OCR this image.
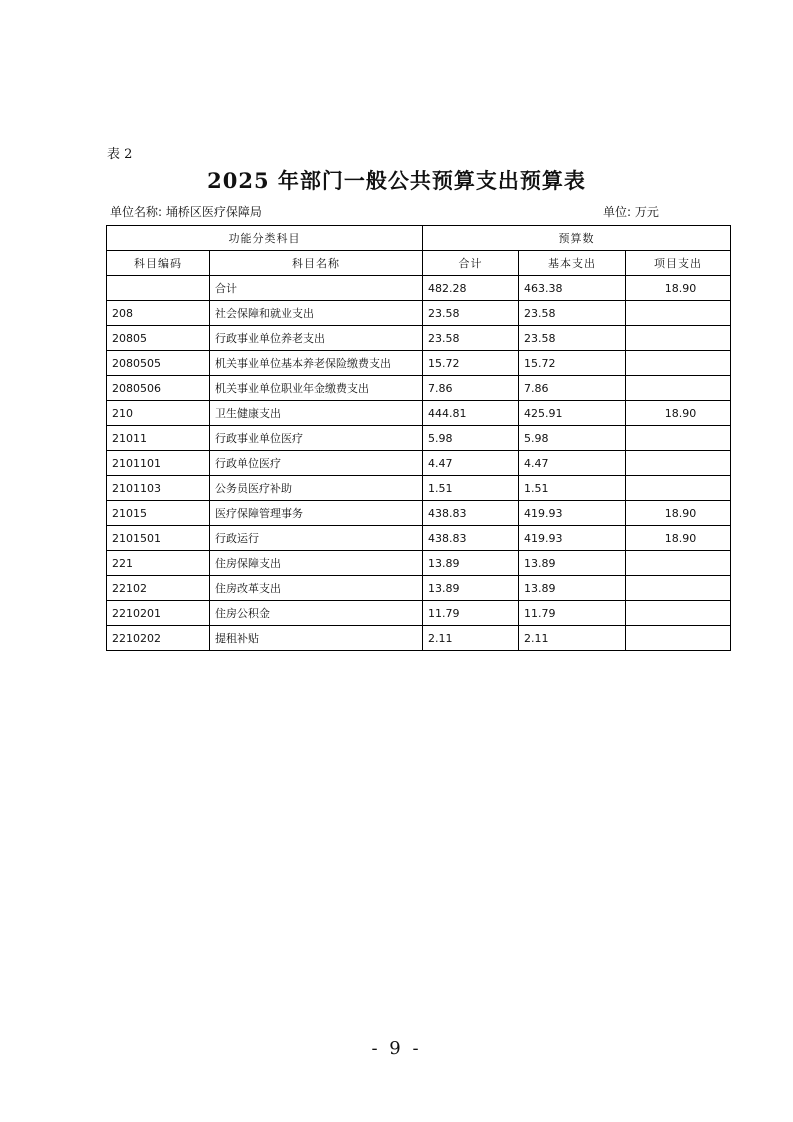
表 2
2025 年部门一般公共预算支出预算表
单位名称: 埇桥区医疗保障局	单位: 万元
功能分类科目		预算数		
科目编码	科目名称	合计	基本支出	项目支出
	合计	482.28	463.38	18.90
208	社会保障和就业支出	23.58	23.58	
20805	行政事业单位养老支出	23.58	23.58	
2080505	机关事业单位基本养老保险缴费支出	15.72	15.72	
2080506	机关事业单位职业年金缴费支出	7.86	7.86	
210	卫生健康支出	444.81	425.91	18.90
21011	行政事业单位医疗	5.98	5.98	
2101101	行政单位医疗	4.47	4.47	
2101103	公务员医疗补助	1.51	1.51	
21015	医疗保障管理事务	438.83	419.93	18.90
2101501	行政运行	438.83	419.93	18.90
221	住房保障支出	13.89	13.89	
22102	住房改革支出	13.89	13.89	
2210201	住房公积金	11.79	11.79	
2210202	提租补贴	2.11	2.11	
- 9 -
